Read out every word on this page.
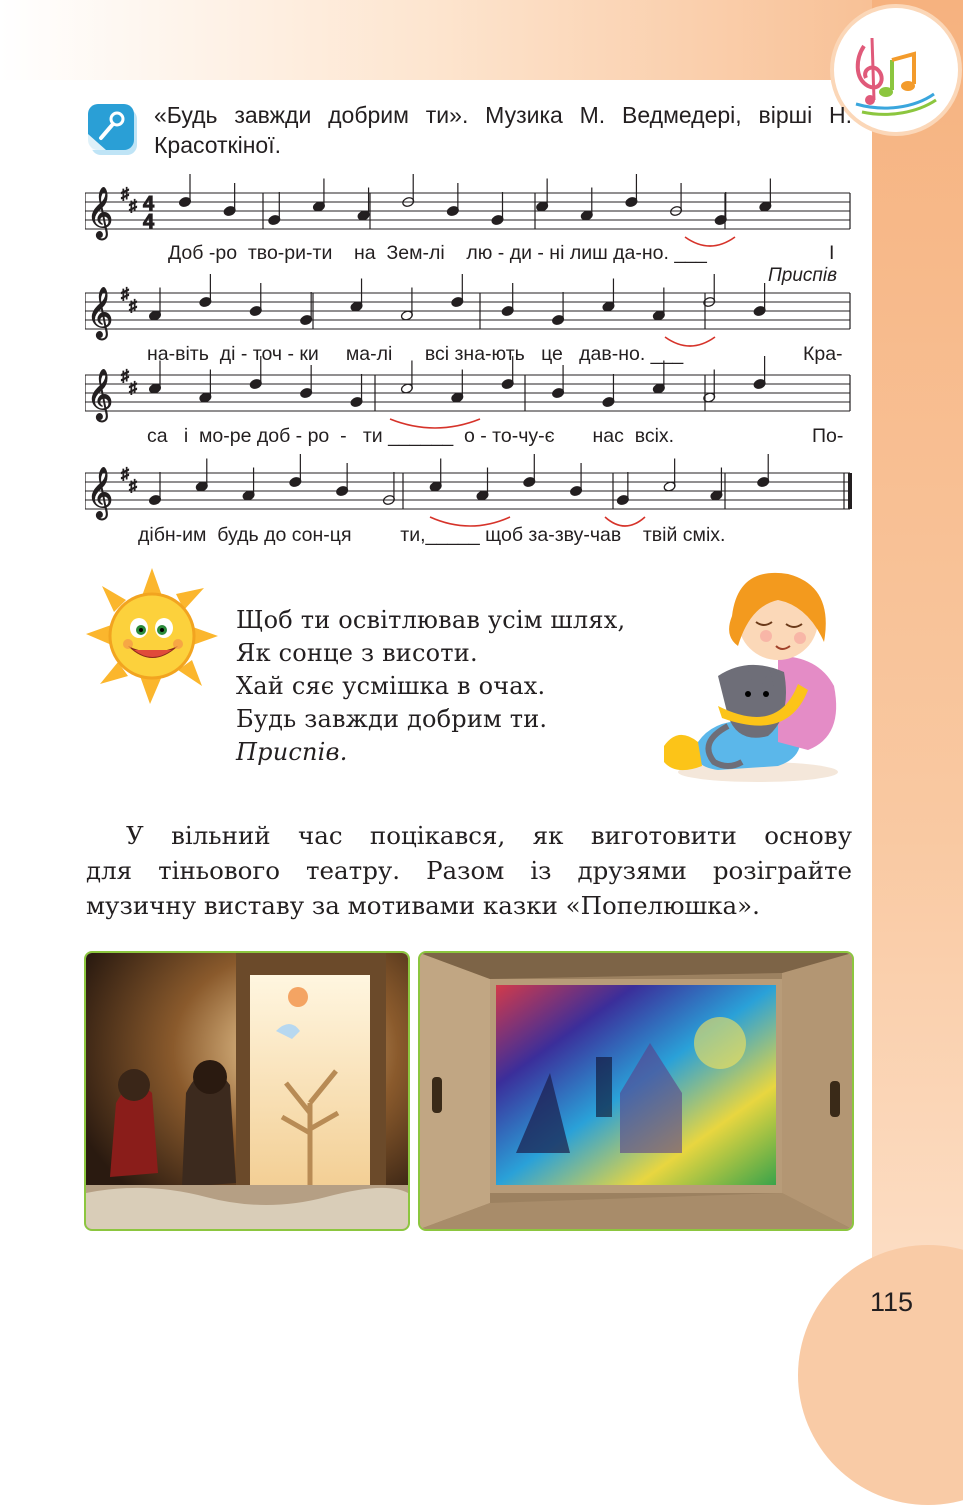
«Будь завжди добрим ти». Музика М. Ведмедері, вірші Н. Красоткіної.
𝄞 ♯
♯ 4
4
𝄞 ♯
♯
𝄞 ♯
♯
𝄞 ♯
♯
Доб -ро  тво-ри-ти    на  Зем-лі    лю - ди - ні лиш да-но. ___	І
на-віть  ді - точ - ки     ма-лі      всі зна-ють   це   дав-но. ___	Кра-
са   і  мо-ре доб - ро  -   ти ______  о - то-чу-є       нас  всіх.	По-
дібн-им  будь до сон-ця         ти,_____ щоб за-зву-чав    твій сміх.
Приспів
Щоб ти освітлював усім шлях,
Як сонце з висоти.
Хай сяє усмішка в очах.
Будь завжди добрим ти.
Приспів.
У вільний час поцікався, як виготовити основу
для тіньового театру. Разом із друзями розіграйте
музичну виставу за мотивами казки «Попелюшка».
115
